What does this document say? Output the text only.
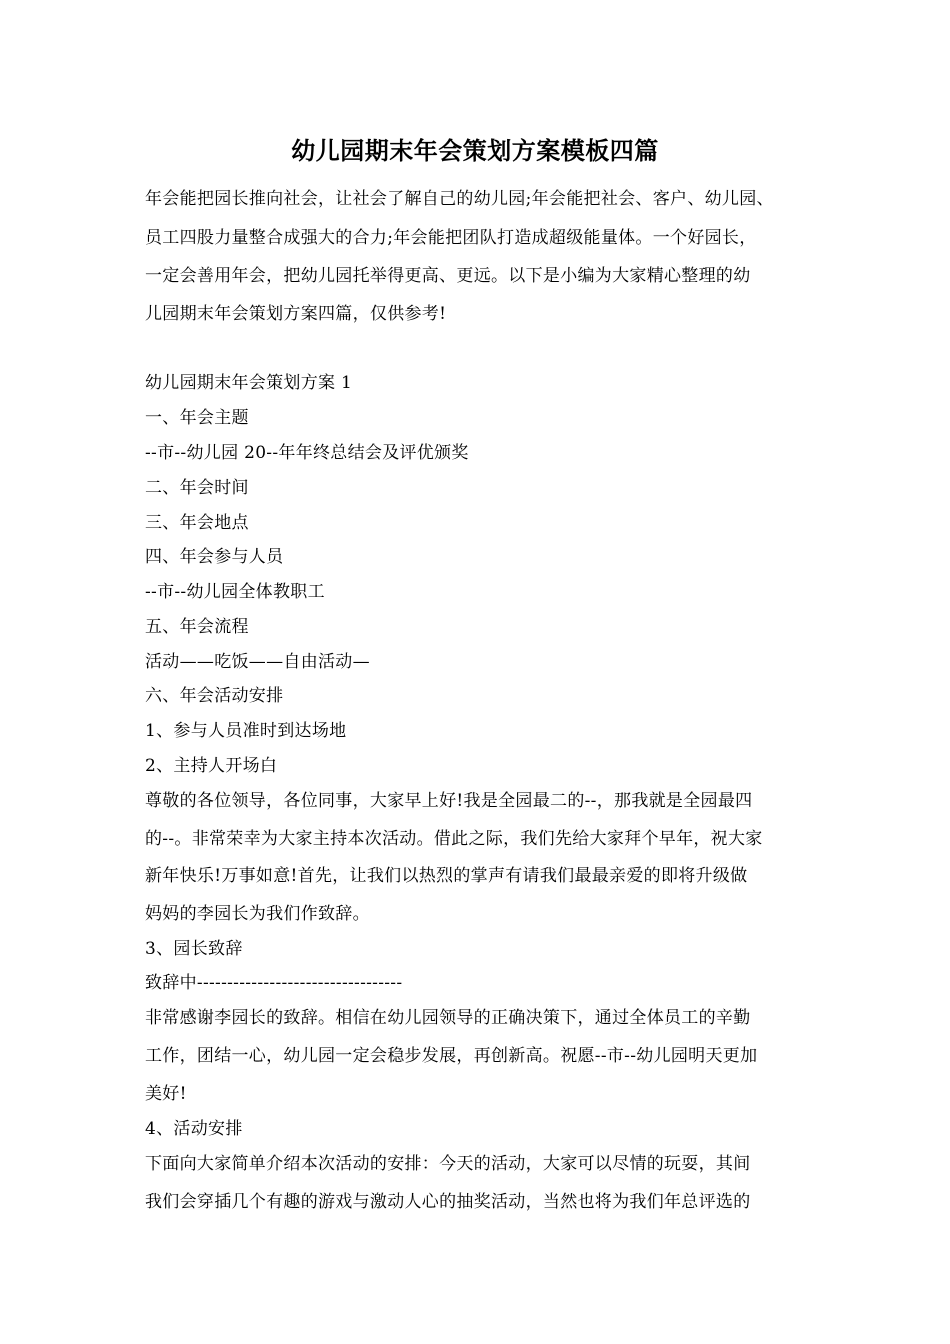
幼儿园期末年会策划方案模板四篇
年会能把园长推向社会，让社会了解自己的幼儿园;年会能把社会、客户、幼儿园、
员工四股力量整合成强大的合力;年会能把团队打造成超级能量体。一个好园长，
一定会善用年会，把幼儿园托举得更高、更远。以下是小编为大家精心整理的幼
儿园期末年会策划方案四篇，仅供参考!
幼儿园期末年会策划方案 1
一、年会主题
--市--幼儿园 20--年年终总结会及评优颁奖
二、年会时间
三、年会地点
四、年会参与人员
--市--幼儿园全体教职工
五、年会流程
活动——吃饭——自由活动—
六、年会活动安排
1、参与人员准时到达场地
2、主持人开场白
尊敬的各位领导，各位同事，大家早上好!我是全园最二的--，那我就是全园最四
的--。非常荣幸为大家主持本次活动。借此之际，我们先给大家拜个早年，祝大家
新年快乐!万事如意!首先，让我们以热烈的掌声有请我们最最亲爱的即将升级做
妈妈的李园长为我们作致辞。
3、园长致辞
致辞中----------------------------------
非常感谢李园长的致辞。相信在幼儿园领导的正确决策下，通过全体员工的辛勤
工作，团结一心，幼儿园一定会稳步发展，再创新高。祝愿--市--幼儿园明天更加
美好!
4、活动安排
下面向大家简单介绍本次活动的安排：今天的活动，大家可以尽情的玩耍，其间
我们会穿插几个有趣的游戏与激动人心的抽奖活动，当然也将为我们年总评选的
